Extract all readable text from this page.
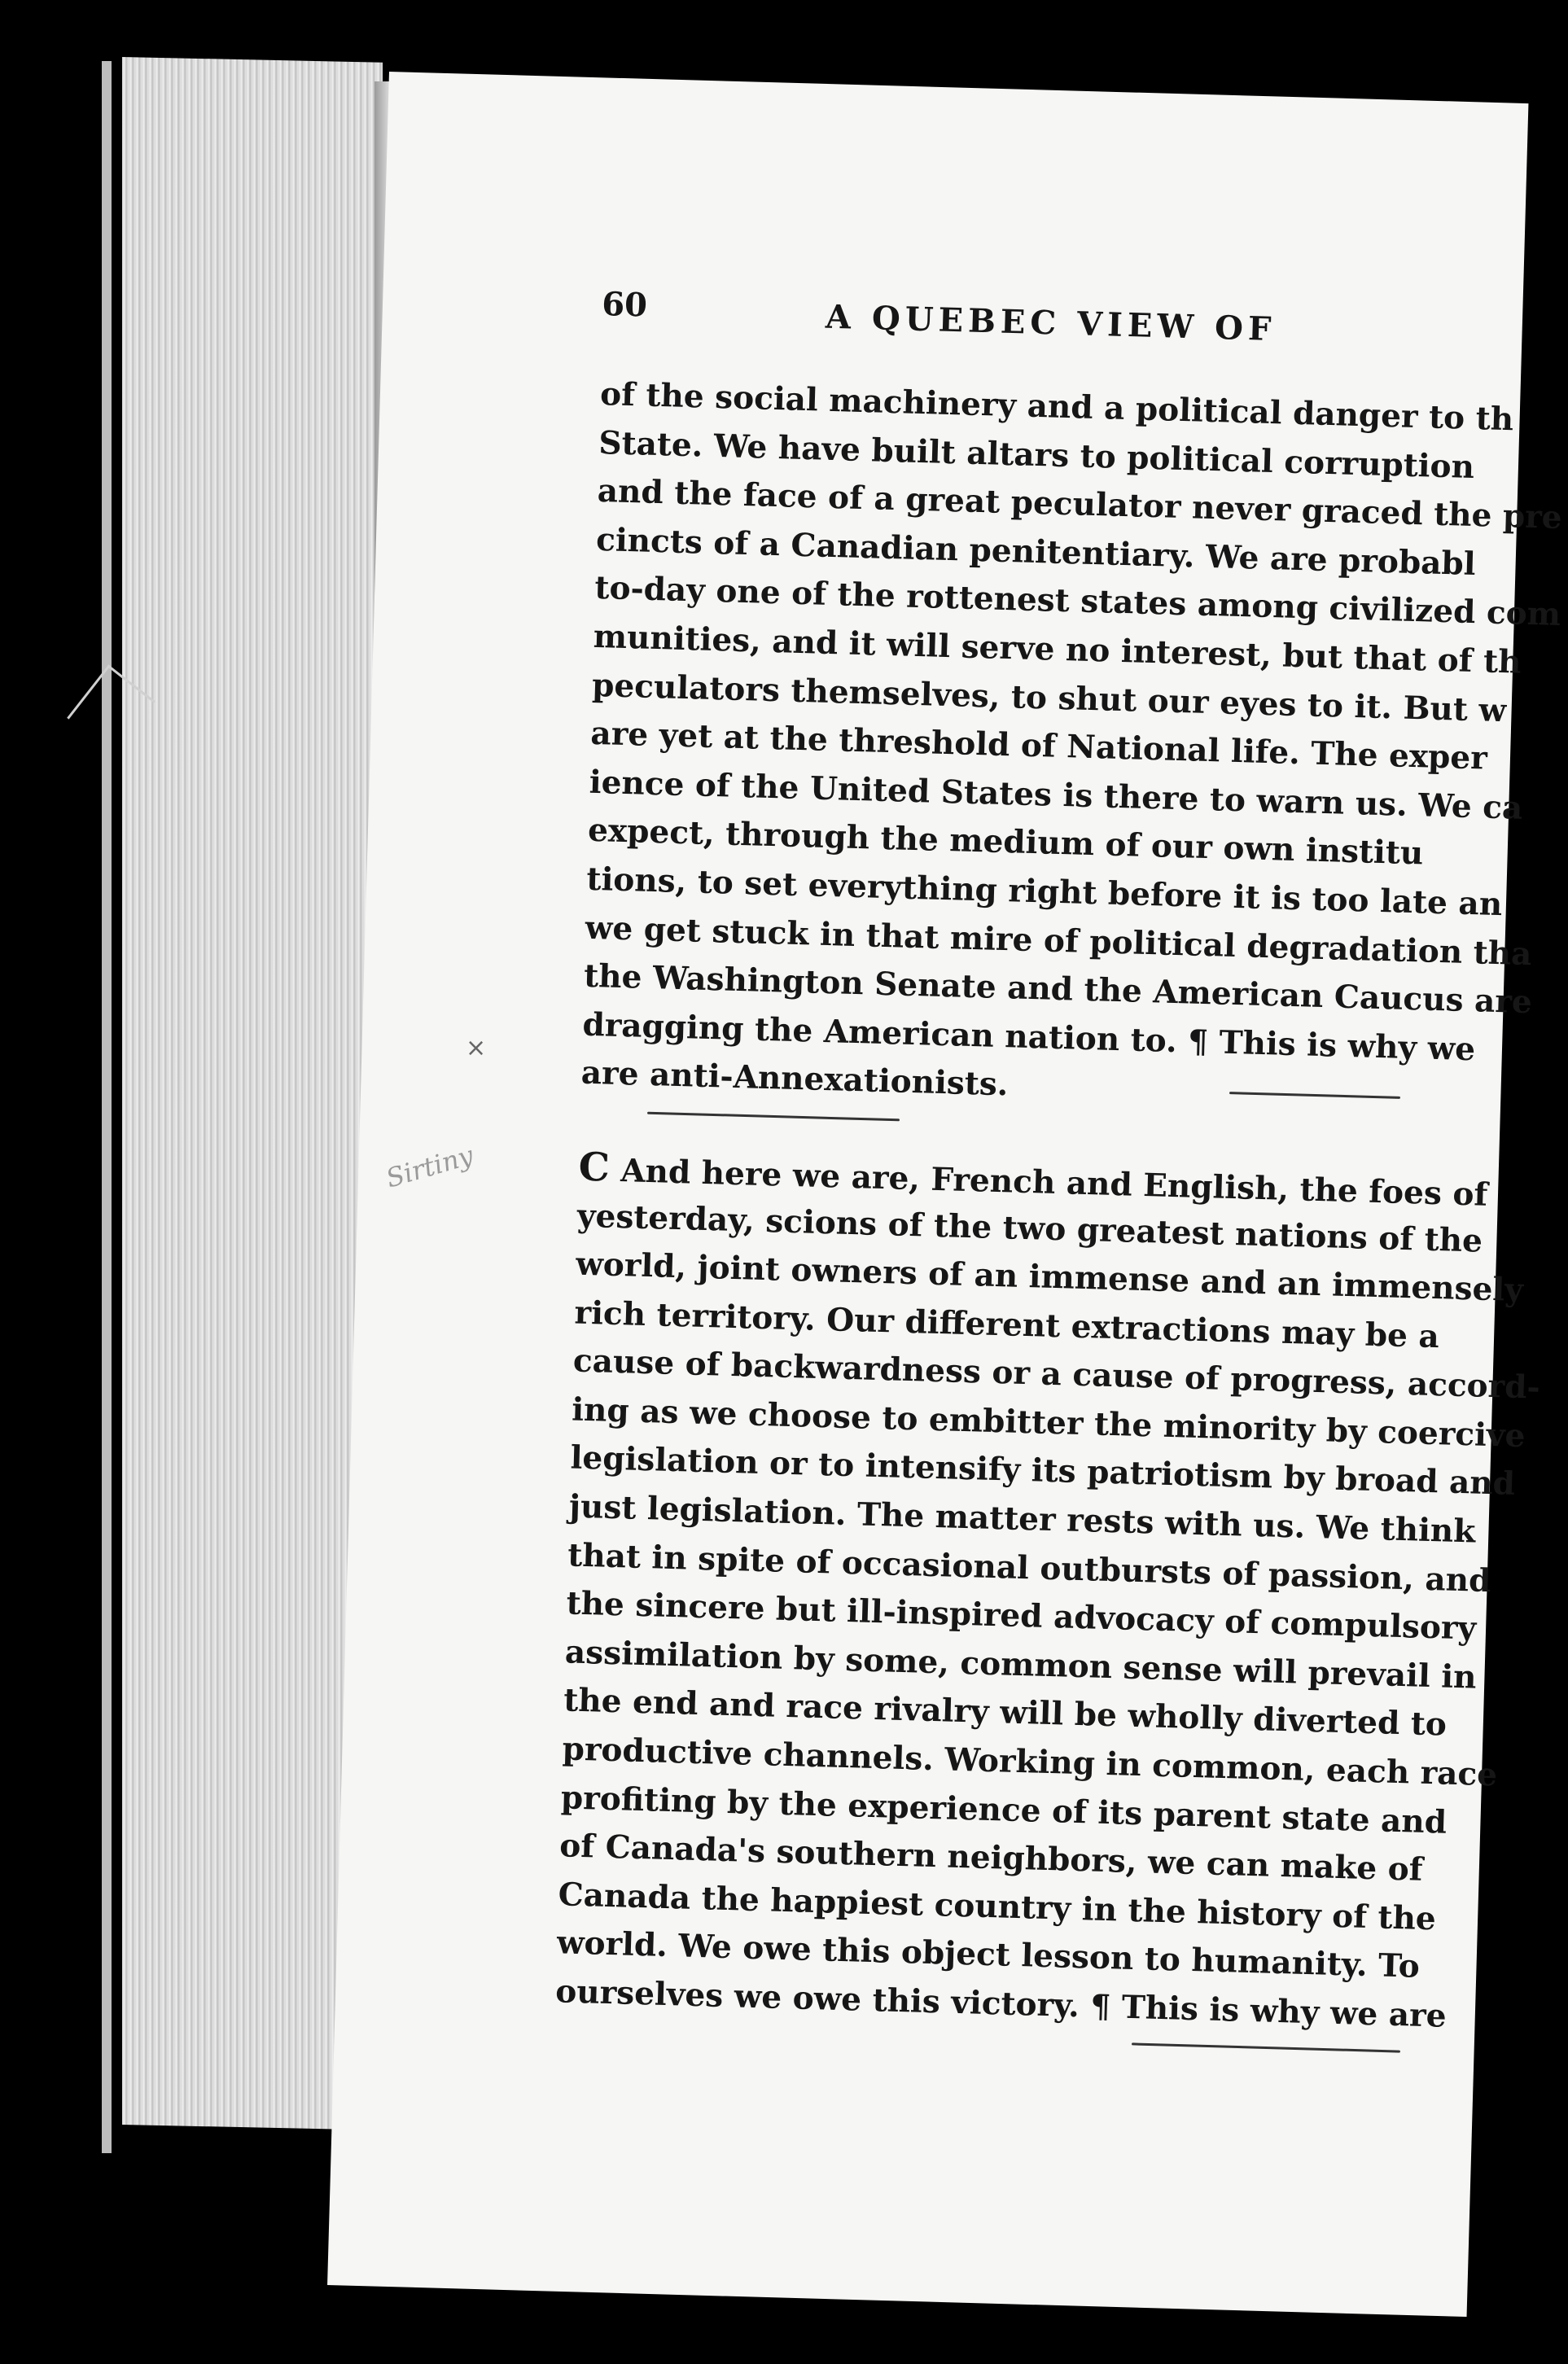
×
Sirtiny
60	A QUEBEC VIEW OF
of the social machinery and a political danger to th
State. We have built altars to political corruption
and the face of a great peculator never graced the pre
cincts of a Canadian penitentiary. We are probabl
to-day one of the rottenest states among civilized com
munities, and it will serve no interest, but that of th
peculators themselves, to shut our eyes to it. But w
are yet at the threshold of National life. The exper
ience of the United States is there to warn us. We ca
expect, through the medium of our own institu
tions, to set everything right before it is too late an
we get stuck in that mire of political degradation tha
the Washington Senate and the American Caucus are
dragging the American nation to. ¶ This is why we
are anti-Annexationists.
C And here we are, French and English, the foes of
yesterday, scions of the two greatest nations of the
world, joint owners of an immense and an immensely
rich territory. Our different extractions may be a
cause of backwardness or a cause of progress, accord-
ing as we choose to embitter the minority by coercive
legislation or to intensify its patriotism by broad and
just legislation. The matter rests with us. We think
that in spite of occasional outbursts of passion, and
the sincere but ill-inspired advocacy of compulsory
assimilation by some, common sense will prevail in
the end and race rivalry will be wholly diverted to
productive channels. Working in common, each race
profiting by the experience of its parent state and
of Canada's southern neighbors, we can make of
Canada the happiest country in the history of the
world. We owe this object lesson to humanity. To
ourselves we owe this victory. ¶ This is why we are
